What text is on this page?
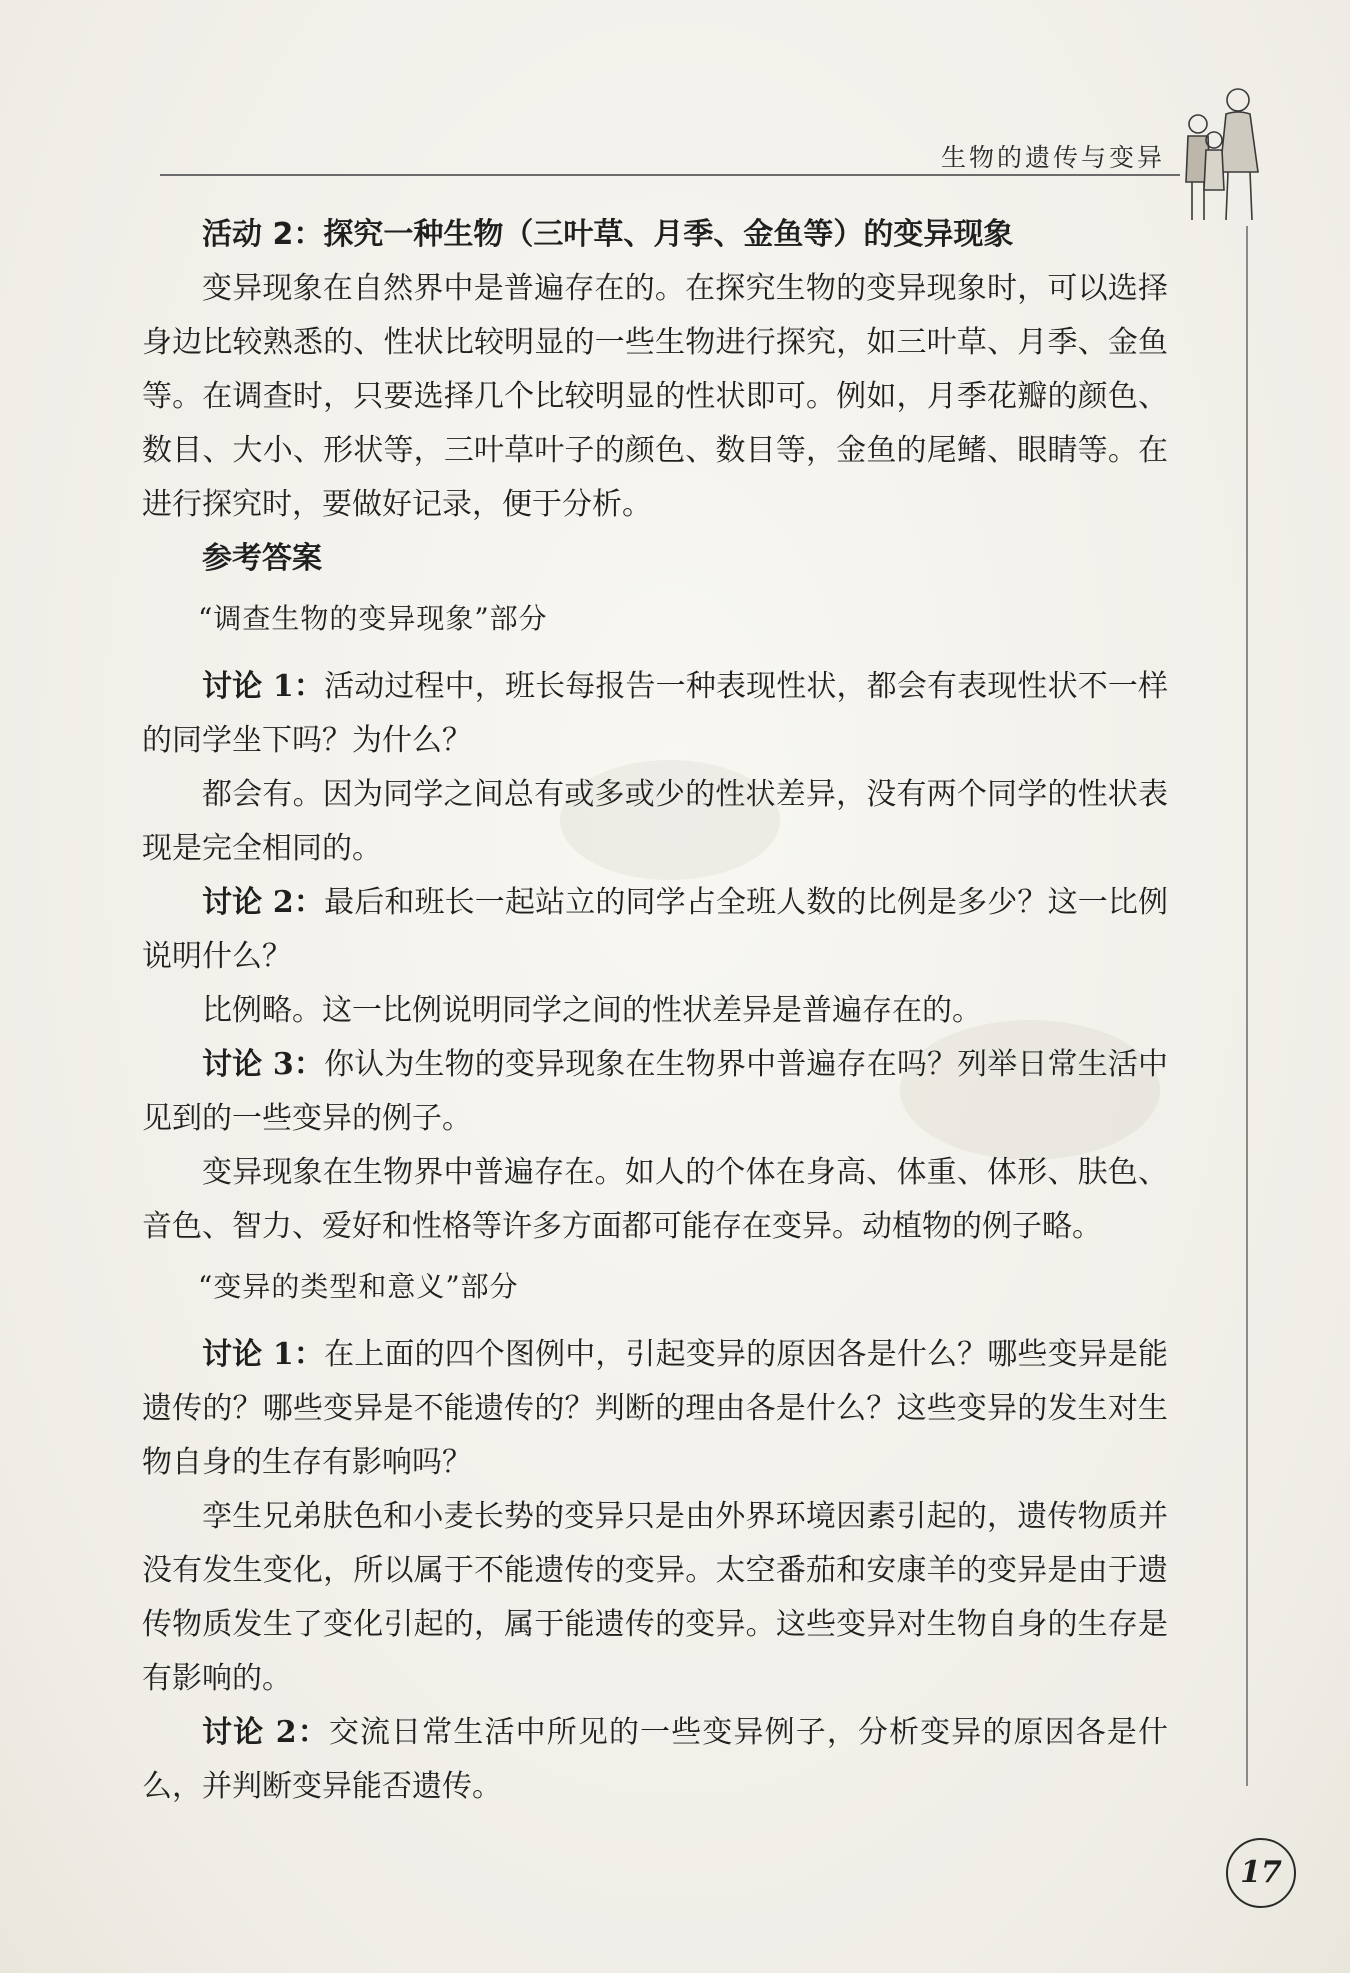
生物的遗传与变异

活动 2：探究一种生物（三叶草、月季、金鱼等）的变异现象

变异现象在自然界中是普遍存在的。在探究生物的变异现象时，可以选择身边比较熟悉的、性状比较明显的一些生物进行探究，如三叶草、月季、金鱼等。在调查时，只要选择几个比较明显的性状即可。例如，月季花瓣的颜色、数目、大小、形状等，三叶草叶子的颜色、数目等，金鱼的尾鳍、眼睛等。在进行探究时，要做好记录，便于分析。

参考答案

“调查生物的变异现象”部分

讨论 1：活动过程中，班长每报告一种表现性状，都会有表现性状不一样的同学坐下吗？为什么？

都会有。因为同学之间总有或多或少的性状差异，没有两个同学的性状表现是完全相同的。

讨论 2：最后和班长一起站立的同学占全班人数的比例是多少？这一比例说明什么？

比例略。这一比例说明同学之间的性状差异是普遍存在的。

讨论 3：你认为生物的变异现象在生物界中普遍存在吗？列举日常生活中见到的一些变异的例子。

变异现象在生物界中普遍存在。如人的个体在身高、体重、体形、肤色、音色、智力、爱好和性格等许多方面都可能存在变异。动植物的例子略。

“变异的类型和意义”部分

讨论 1：在上面的四个图例中，引起变异的原因各是什么？哪些变异是能遗传的？哪些变异是不能遗传的？判断的理由各是什么？这些变异的发生对生物自身的生存有影响吗？

孪生兄弟肤色和小麦长势的变异只是由外界环境因素引起的，遗传物质并没有发生变化，所以属于不能遗传的变异。太空番茄和安康羊的变异是由于遗传物质发生了变化引起的，属于能遗传的变异。这些变异对生物自身的生存是有影响的。

讨论 2：交流日常生活中所见的一些变异例子，分析变异的原因各是什么，并判断变异能否遗传。

17
